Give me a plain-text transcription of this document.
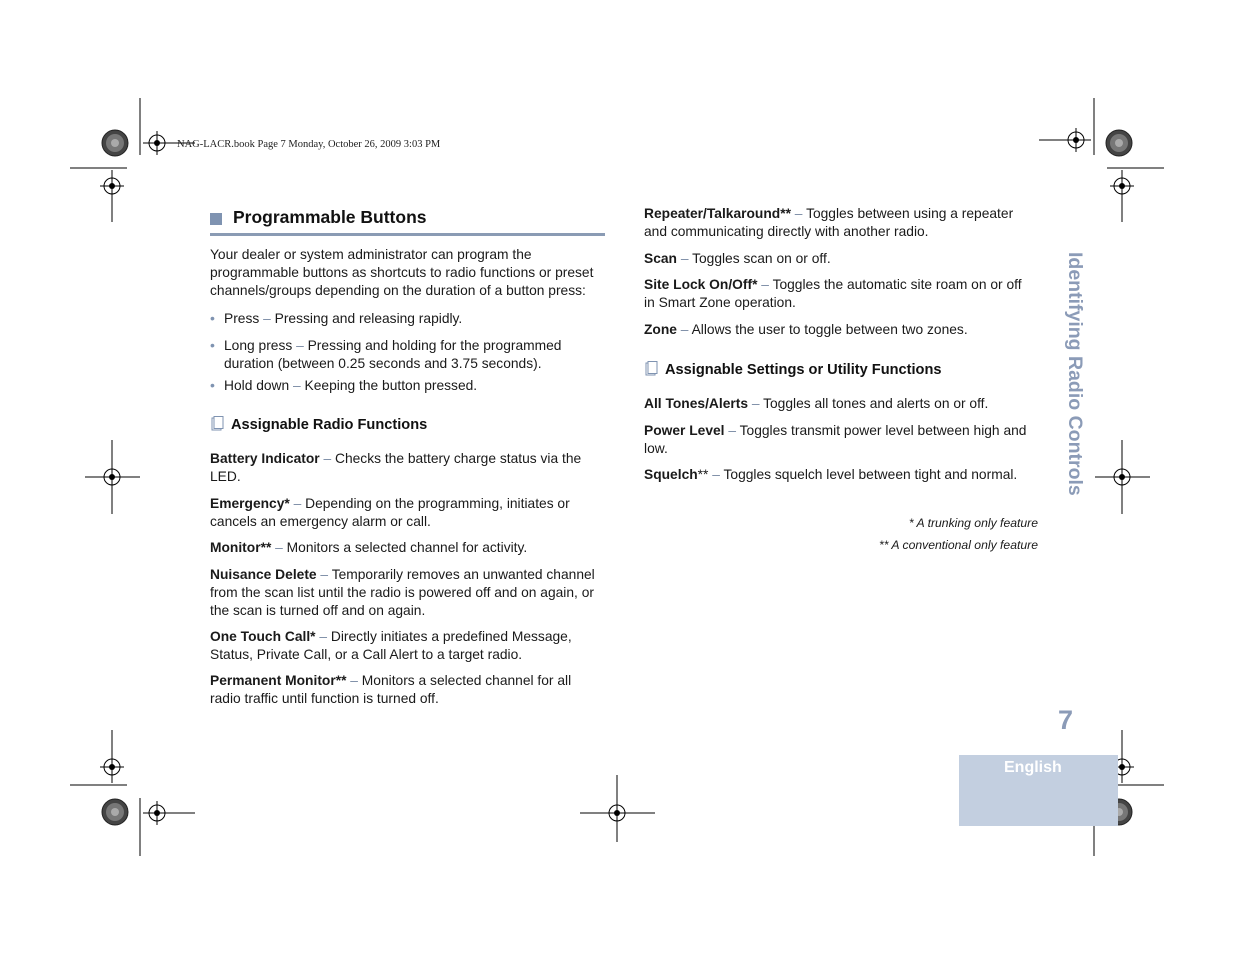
NAG-LACR.book Page 7 Monday, October 26, 2009 3:03 PM
Programmable Buttons

Your dealer or system administrator can program the programmable buttons as shortcuts to radio functions or preset channels/groups depending on the duration of a button press:

• Press – Pressing and releasing rapidly.
• Long press – Pressing and holding for the programmed duration (between 0.25 seconds and 3.75 seconds).
• Hold down – Keeping the button pressed.
Assignable Radio Functions

Battery Indicator – Checks the battery charge status via the LED.

Emergency* – Depending on the programming, initiates or cancels an emergency alarm or call.

Monitor** – Monitors a selected channel for activity.

Nuisance Delete – Temporarily removes an unwanted channel from the scan list until the radio is powered off and on again, or the scan is turned off and on again.

One Touch Call* – Directly initiates a predefined Message, Status, Private Call, or a Call Alert to a target radio.

Permanent Monitor** – Monitors a selected channel for all radio traffic until function is turned off.

Repeater/Talkaround** – Toggles between using a repeater and communicating directly with another radio.

Scan – Toggles scan on or off.

Site Lock On/Off* – Toggles the automatic site roam on or off in Smart Zone operation.

Zone – Allows the user to toggle between two zones.

Assignable Settings or Utility Functions

All Tones/Alerts – Toggles all tones and alerts on or off.

Power Level – Toggles transmit power level between high and low.

Squelch** – Toggles squelch level between tight and normal.

* A trunking only feature
** A conventional only feature
Identifying Radio Controls
7
English
